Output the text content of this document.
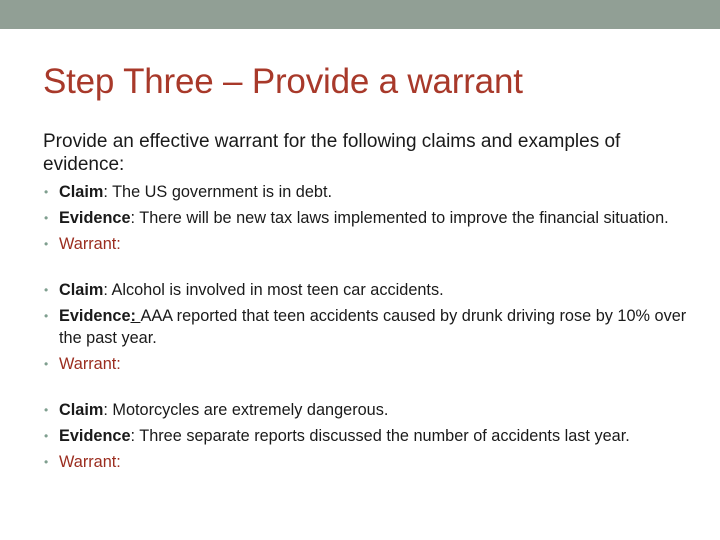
Step Three – Provide a warrant

Provide an effective warrant for the following claims and examples of evidence:

• Claim: The US government is in debt.
• Evidence: There will be new tax laws implemented to improve the financial situation.
• Warrant:
• Claim: Alcohol is involved in most teen car accidents.
• Evidence: AAA reported that teen accidents caused by drunk driving rose by 10% over the past year.
• Warrant:
• Claim: Motorcycles are extremely dangerous.
• Evidence: Three separate reports discussed the number of accidents last year.
• Warrant:
